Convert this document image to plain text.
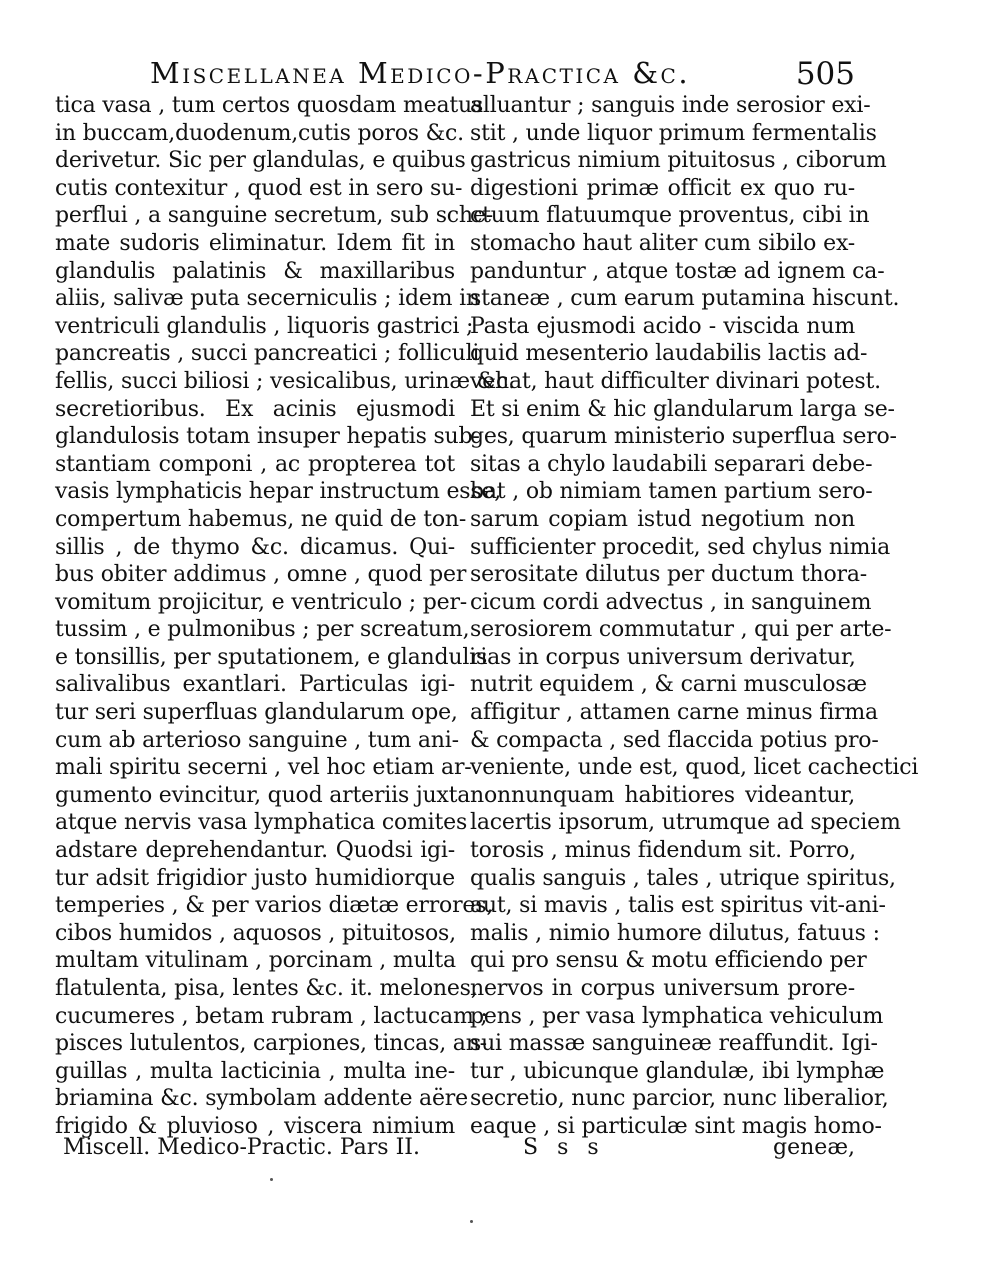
Miscellanea Medico-Practica &c.	505
tica vasa , tum certos quosdam meatus
in buccam,duodenum,cutis poros &c.
derivetur. Sic per glandulas, e quibus
cutis contexitur , quod est in sero su-
perflui , a sanguine secretum, sub sche-
mate sudoris eliminatur. Idem fit in
glandulis palatinis & maxillaribus
aliis, salivæ puta secerniculis ; idem in
ventriculi glandulis , liquoris gastrici ;
pancreatis , succi pancreatici ; folliculi
fellis, succi biliosi ; vesicalibus, urinæ &c.
secretioribus. Ex acinis ejusmodi
glandulosis totam insuper hepatis sub-
stantiam componi , ac propterea tot
vasis lymphaticis hepar instructum esse,
compertum habemus, ne quid de ton-
sillis , de thymo &c. dicamus. Qui-
bus obiter addimus , omne , quod per
vomitum projicitur, e ventriculo ; per-
tussim , e pulmonibus ; per screatum,
e tonsillis, per sputationem, e glandulis
salivalibus exantlari. Particulas igi-
tur seri superfluas glandularum ope,
cum ab arterioso sanguine , tum ani-
mali spiritu secerni , vel hoc etiam ar-
gumento evincitur, quod arteriis juxta
atque nervis vasa lymphatica comites
adstare deprehendantur. Quodsi igi-
tur adsit frigidior justo humidiorque
temperies , & per varios diætæ errores,
cibos humidos , aquosos , pituitosos,
multam vitulinam , porcinam , multa
flatulenta, pisa, lentes &c. it. melones,
cucumeres , betam rubram , lactucam ;
pisces lutulentos, carpiones, tincas, an-
guillas , multa lacticinia , multa ine-
briamina &c. symbolam addente aëre
frigido & pluvioso , viscera nimium
alluantur ; sanguis inde serosior exi-
stit , unde liquor primum fermentalis
gastricus nimium pituitosus , ciborum
digestioni primæ officit ex quo ru-
ctuum flatuumque proventus, cibi in
stomacho haut aliter cum sibilo ex-
panduntur , atque tostæ ad ignem ca-
staneæ , cum earum putamina hiscunt.
Pasta ejusmodi acido - viscida num
quid mesenterio laudabilis lactis ad-
vehat, haut difficulter divinari potest.
Et si enim & hic glandularum larga se-
ges, quarum ministerio superflua sero-
sitas a chylo laudabili separari debe-
bat , ob nimiam tamen partium sero-
sarum copiam istud negotium non
sufficienter procedit, sed chylus nimia
serositate dilutus per ductum thora-
cicum cordi advectus , in sanguinem
serosiorem commutatur , qui per arte-
rias in corpus universum derivatur,
nutrit equidem , & carni musculosæ
affigitur , attamen carne minus firma
& compacta , sed flaccida potius pro-
veniente, unde est, quod, licet cachectici
nonnunquam habitiores videantur,
lacertis ipsorum, utrumque ad speciem
torosis , minus fidendum sit. Porro,
qualis sanguis , tales , utrique spiritus,
aut, si mavis , talis est spiritus vit-ani-
malis , nimio humore dilutus, fatuus :
qui pro sensu & motu efficiendo per
nervos in corpus universum prore-
pens , per vasa lymphatica vehiculum
sui massæ sanguineæ reaffundit. Igi-
tur , ubicunque glandulæ, ibi lymphæ
secretio, nunc parcior, nunc liberalior,
eaque , si particulæ sint magis homo-
Miscell. Medico-Practic. Pars II.	S s s	geneæ,
